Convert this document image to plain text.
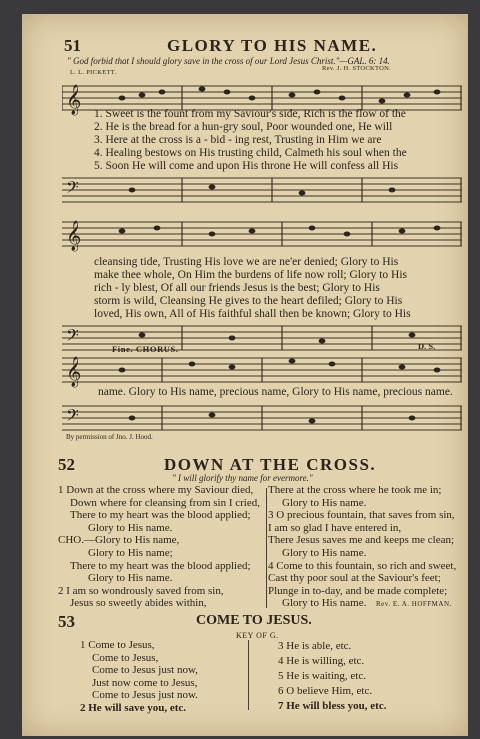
51	GLORY TO HIS NAME.
" God forbid that I should glory save in the cross of our Lord Jesus Christ."—GAL. 6: 14.
L. L. PICKETT.
Rev. J. H. STOCKTON.
𝄞 1. Sweet is the fount from my Saviour's side, Rich is the flow of the
2. He is the bread for a hun-gry soul, Poor wounded one, He will
3. Here at the cross is a - bid - ing rest, Trusting in Him we are
4. Healing bestows on His trusting child, Calmeth his soul when the
5. Soon He will come and upon His throne He will confess all His
𝄢
𝄞
cleansing tide, Trusting His love we are ne'er denied; Glory to His
make thee whole, On Him the burdens of life now roll; Glory to His
rich - ly blest, Of all our friends Jesus is the best; Glory to His
storm is wild, Cleansing He gives to the heart defiled; Glory to His
loved, His own, All of His faithful shall then be known; Glory to His
𝄢	Fine. CHORUS.	D. S.
𝄞
name. Glory to His name, precious name, Glory to His name, precious name.
𝄢
By permission of Jno. J. Hood.
52	DOWN AT THE CROSS.
" I will glorify thy name for evermore."
1 Down at the cross where my Saviour died,
Down where for cleansing from sin I cried,
There to my heart was the blood applied;
Glory to His name.
CHO.—Glory to His name,
Glory to His name;
There to my heart was the blood applied;
Glory to His name.
2 I am so wondrously saved from sin,
Jesus so sweetly abides within,
There at the cross where he took me in;
Glory to His name.
3 O precious fountain, that saves from sin,
I am so glad I have entered in,
There Jesus saves me and keeps me clean;
Glory to His name.
4 Come to this fountain, so rich and sweet,
Cast thy poor soul at the Saviour's feet;
Plunge in to-day, and be made complete;
Glory to His name.	Rev. E. A. HOFFMAN.
53	COME TO JESUS.
KEY OF G.
1 Come to Jesus,
Come to Jesus,
Come to Jesus just now,
Just now come to Jesus,
Come to Jesus just now.
2 He will save you, etc.
3 He is able, etc.
4 He is willing, etc.
5 He is waiting, etc.
6 O believe Him, etc.
7 He will bless you, etc.
